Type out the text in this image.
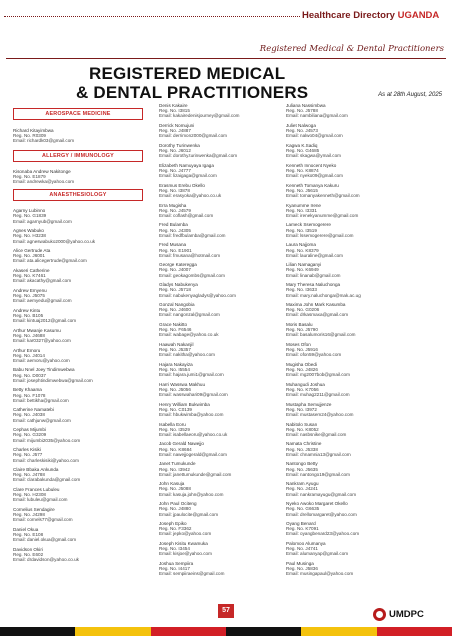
Healthcare Directory UGANDA
Registered Medical & Dental Practitioners
REGISTERED MEDICAL
& DENTAL PRACTITIONERS	As at 28th August, 2025
AEROSPACE MEDICINE
Richard Kitayimbwa
Reg. No. R0309
Email: richardk03@gmail.com
ALLERGY / IMMUNOLOGY
Kisonaba Andrew Nakitonge
Reg. No. E1879
Email: andrewka@yahoo.com
ANAESTHESIOLOGY
Agarny Lubinno
Reg. No. G1839
Email: agarnyub@gmail.com
Agnes Wabuko
Reg. No. H3238
Email: agneswabuko2000@yahoo.co.uk
Alice Gertrude Ata
Reg. No. J6001
Email: ata.alicegertrude@gmail.com
Akaseri Catherine
Reg. No. K7461
Email: akacathy@gmail.com
Andrew Emyenu
Reg. No. J5075
Email: aemyedu@gmail.com
Andrew Kintu
Reg. No. B105
Email: kintuaj2012@gmail.com
Arthur Mwanje Kasumu
Reg. No. J4688
Email: kar0327@yahoo.com
Arthur Emoru
Reg. No. J4014
Email: aemoru@yahoo.com
Babu Nnel Joey Tindimwebwa
Reg. No. D0037
Email: josephtindimwebwa@gmail.com
Betty Khaama
Reg. No. F1078
Email: bettikha@gmail.com
Catherine Namatebi
Reg. No. J4038
Email: cathjunw@gmail.com
Cephas Mijumbi
Reg. No. G3209
Email: mijumbi2035@yahoo.com
Charles Kisiki
Reg. No. J577
Email: charleskisiki@yahoo.com
Claire Bbaka Ankunda
Reg. No. J4788
Email: clarabakunda@gmail.com
Clare Frances Lubuleu
Reg. No. H2308
Email: lubuleu@gmail.com
Cornelius Sendagire
Reg. No. J4298
Email: cornels77@gmail.com
Daniel Okua
Reg. No. E108
Email: daniel.okua@gmail.com
Davidson Okiri
Reg. No. E602
Email: drdavidson@yahoo.co.uk
Denis Kakaire
Reg. No. I3815
Email: kakairedenisjourney@gmail.com
Derrick Nomujuni
Reg. No. J4887
Email: derrimon2000@gmail.com
Dorothy Turinwenka
Reg. No. J6012
Email: dorothy.turinwenka@gmail.com
Elizabeth Namuyaya Igaga
Reg. No. J4777
Email: lizaigaga@gmail.com
Erasmus Erebu Okello
Reg. No. I3878
Email: erasyoka@yahoo.co.uk
Erra Mugisha
Reg. No. J4579
Email: coflash@gmail.com
Fred Bulamba
Reg. No. J4305
Email: fredfbulamba@gmail.com
Fred Musana
Reg. No. E1901
Email: fmusana@hotmail.com
George Kateregga
Reg. No. J4007
Email: geokagombs@gmail.com
Gladys Nabukenya
Reg. No. J5718
Email: nabukenyagladys@yahoo.com
Gonzal Nangobia
Reg. No. J4600
Email: nangonzal@gmail.com
Grace Nakitto
Reg. No. F6546
Email: wabage@yahoo.co.uk
Haawah Nakanjil
Reg. No. J5357
Email: nakitha@yahoo.com
Hajara Nakayiza
Reg. No. I5554
Email: hajara.jumi1@gmail.com
Harri Wasswa Makhuu
Reg. No. J5056
Email: wasswahari09@gmail.com
Henry William Bukwimba
Reg. No. C0139
Email: hbukwimba@yahoo.com
Isabella Eoru
Reg. No. I3529
Email: isabellaeoru@yahoo.co.uk
Jacob Gerald Nawejjo
Reg. No. K8684
Email: nawejjogerald@gmail.com
Janet Tumukunde
Reg. No. I3942
Email: janettumukunde@gmail.com
John Kasuja
Reg. No. J5088
Email: kasuja.john@yahoo.com
John Paul Ociteng
Reg. No. J4880
Email: jpaulocite@gmail.com
Joseph Epiko
Reg. No. F3362
Email: jepko@yahoo.com
Joseph Kisitu Kwamuka
Reg. No. I3454
Email: kisjoe@yahoo.com
Joshua Sempiira
Reg. No. I4417
Email: sempiiraeins@gmail.com
Juliana Nassimbwa
Reg. No. J5788
Email: nambiliana@gmail.com
Juliet Nalwoga
Reg. No. J4573
Email: nalwo04@gmail.com
Kagwa K.Sadiq
Reg. No. G4685
Email: skagwa@ymail.com
Kenneth Innocent Nyeko
Reg. No. K8874
Email: nyeko09@gmail.com
Kenneth Tomanya Kakuru
Reg. No. J5615
Email: tomanyakenneth@gmail.com
Kyanumme Irene
Reg. No. I3331
Email: irenekyanumme@gmail.com
Lameck Ssemogerere
Reg. No. I3519
Email: lssemogerere@gmail.com
Laura Najjoma
Reg. No. K8379
Email: lauraline@gmail.com
Lilian Namaganyi
Reg. No. K6949
Email: linanab@gmail.com
Mary Theresa Naluchonga
Reg. No. I3633
Email: mary.naluchonga@mak.ac.ug
Maxima John Mark Kasumba
Reg. No. G0206
Email: drkasmaxa@gmail.com
Moris Basalu
Reg. No. J5790
Email: basalumoris16@gmail.com
Moses Ofon
Reg. No. J5916
Email: ofon59@yahoo.com
Mugisha Obedi
Reg. No. J4826
Email: mg2007bob@gmail.com
Muhangudi Joshua
Reg. No. K7056
Email: muhag2211@gmail.com
Mustapha Semujjenze
Reg. No. I3972
Email: mustasem24@yahoo.com
Nabitolo Susan
Reg. No. K8052
Email: nasbsnike@gmail.com
Namata Christine
Reg. No. J5338
Email: chnamnia13@gmail.com
Nantongo Betty
Reg. No. J5635
Email: nantongo19@gmail.com
Nankram Ayugu
Reg. No. J4241
Email: nankramayugu@gmail.com
Nyeko Awoko Margaret Okello
Reg. No. G6635
Email: drellomargaret@yahoo.com
Oyang Benard
Reg. No. K7091
Email: oyangbenard23@yahoo.com
Palomoo Alumanya
Reg. No. J4741
Email: alumanyap@gmail.com
Paul Musinga
Reg. No. J5836
Email: musingapaul@yahoo.com
57	UMDPC
